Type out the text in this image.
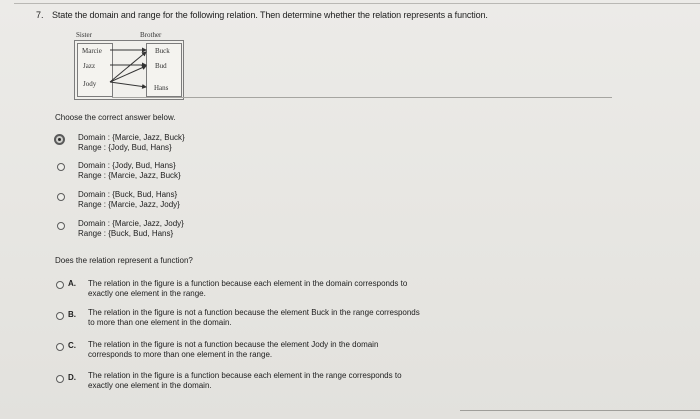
7. State the domain and range for the following relation. Then determine whether the relation represents a function.
Sister	Brother
Marcie
Jazz
Jody
Buck
Bud
Hans
Choose the correct answer below.
Domain : {Marcie, Jazz, Buck}
Range : {Jody, Bud, Hans}
Domain : {Jody, Bud, Hans}
Range : {Marcie, Jazz, Buck}
Domain : {Buck, Bud, Hans}
Range : {Marcie, Jazz, Jody}
Domain : {Marcie, Jazz, Jody}
Range : {Buck, Bud, Hans}
Does the relation represent a function?
A. The relation in the figure is a function because each element in the domain corresponds to
exactly one element in the range.
B. The relation in the figure is not a function because the element Buck in the range corresponds
to more than one element in the domain.
C. The relation in the figure is not a function because the element Jody in the domain
corresponds to more than one element in the range.
D. The relation in the figure is a function because each element in the range corresponds to
exactly one element in the domain.
